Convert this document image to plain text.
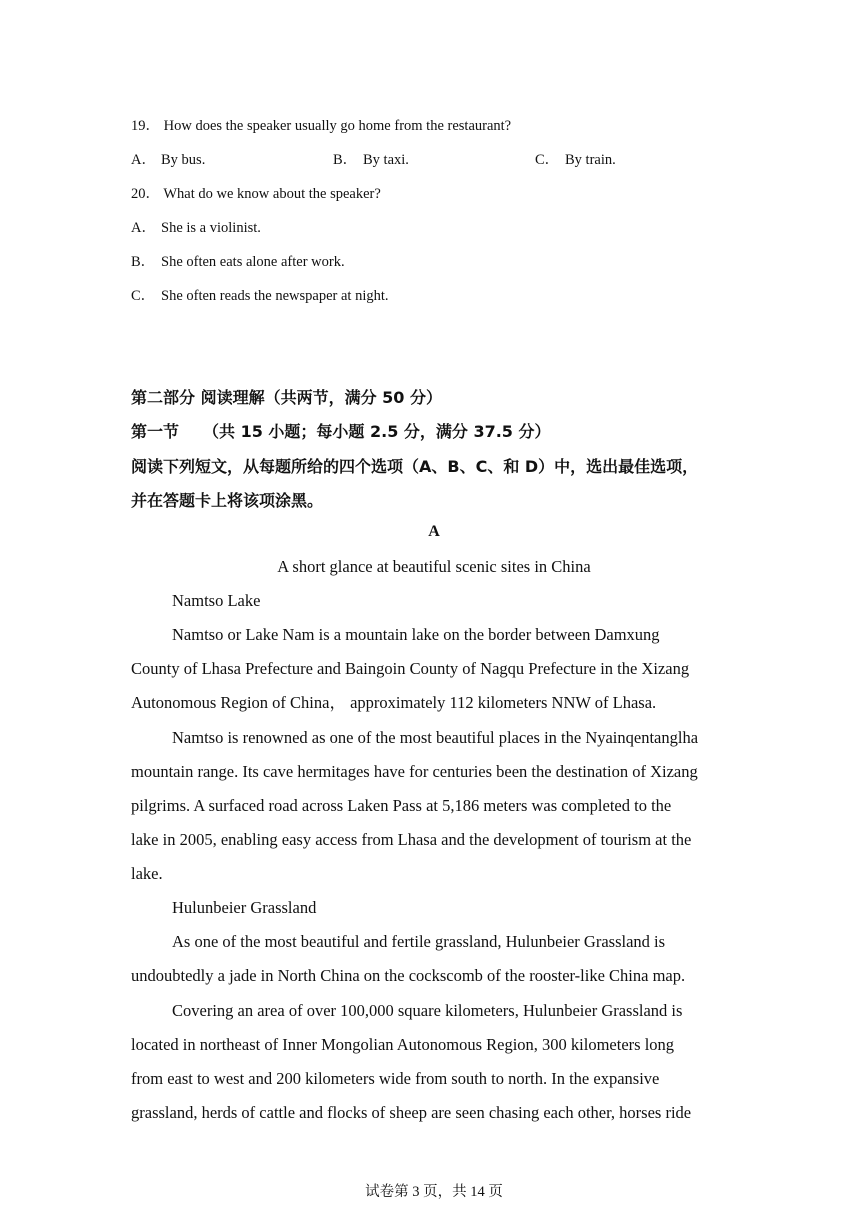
19． How does the speaker usually go home from the restaurant?
A． By bus.	B． By taxi.	C． By train.
20． What do we know about the speaker?
A． She is a violinist.
B． She often eats alone after work.
C． She often reads the newspaper at night.
第二部分 阅读理解（共两节，满分 50 分）
第一节　　（共 15 小题；每小题 2.5 分，满分 37.5 分）
阅读下列短文，从每题所给的四个选项（A、B、C、和 D）中，选出最佳选项，
并在答题卡上将该项涂黑。
A
A short glance at beautiful scenic sites in China
Namtso Lake
Namtso or Lake Nam is a mountain lake on the border between Damxung
County of Lhasa Prefecture and Baingoin County of Nagqu Prefecture in the Xizang
Autonomous Region of China， approximately 112 kilometers NNW of Lhasa.
Namtso is renowned as one of the most beautiful places in the Nyainqentanglha
mountain range. Its cave hermitages have for centuries been the destination of Xizang
pilgrims. A surfaced road across Laken Pass at 5,186 meters was completed to the
lake in 2005, enabling easy access from Lhasa and the development of tourism at the
lake.
Hulunbeier Grassland
As one of the most beautiful and fertile grassland, Hulunbeier Grassland is
undoubtedly a jade in North China on the cockscomb of the rooster-like China map.
Covering an area of over 100,000 square kilometers, Hulunbeier Grassland is
located in northeast of Inner Mongolian Autonomous Region, 300 kilometers long
from east to west and 200 kilometers wide from south to north. In the expansive
grassland, herds of cattle and flocks of sheep are seen chasing each other, horses ride
试卷第 3 页，共 14 页
